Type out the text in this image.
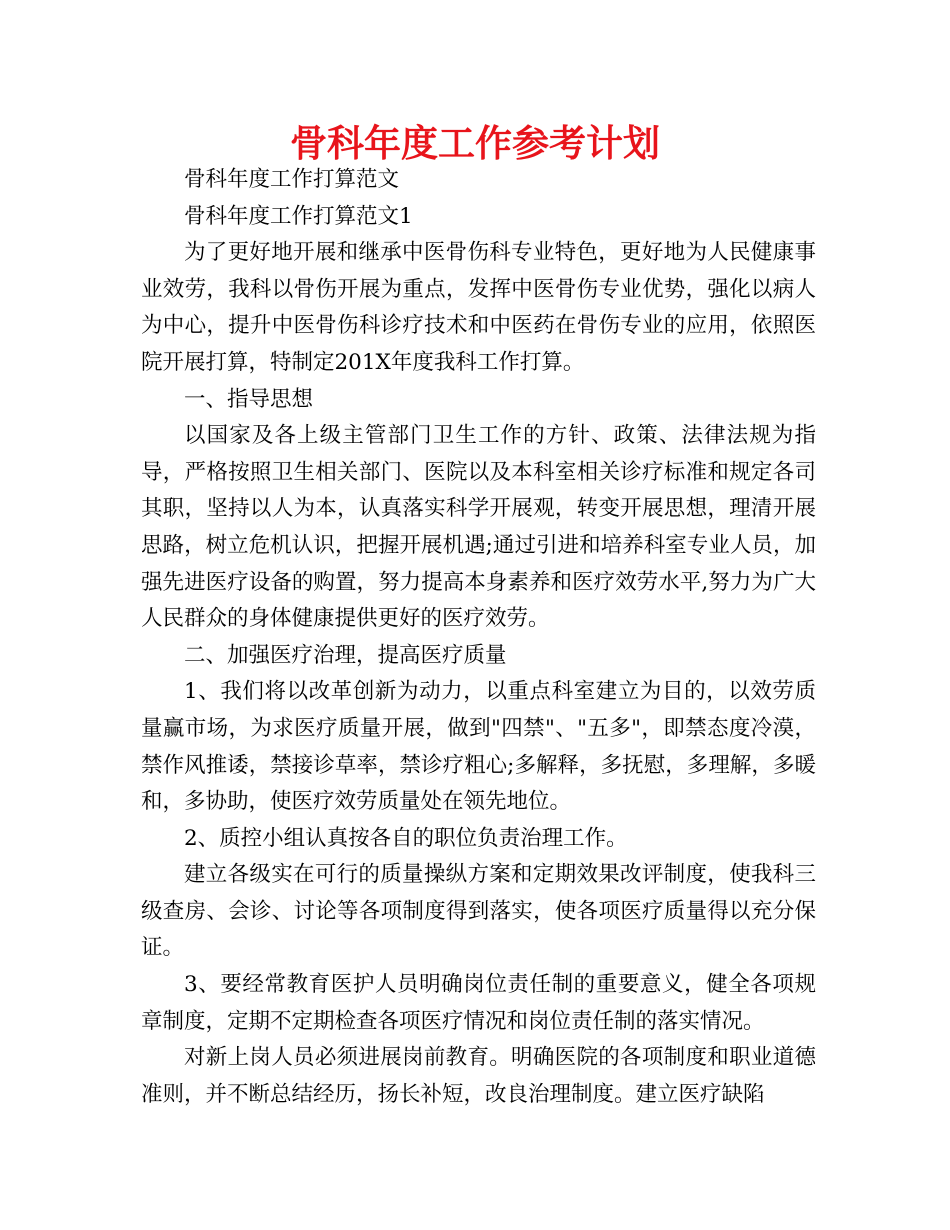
骨科年度工作参考计划

骨科年度工作打算范文

骨科年度工作打算范文1

为了更好地开展和继承中医骨伤科专业特色，更好地为人民健康事业效劳，我科以骨伤开展为重点，发挥中医骨伤专业优势，强化以病人为中心，提升中医骨伤科诊疗技术和中医药在骨伤专业的应用，依照医院开展打算，特制定201X年度我科工作打算。

一、指导思想

以国家及各上级主管部门卫生工作的方针、政策、法律法规为指导，严格按照卫生相关部门、医院以及本科室相关诊疗标准和规定各司其职，坚持以人为本，认真落实科学开展观，转变开展思想，理清开展思路，树立危机认识，把握开展机遇;通过引进和培养科室专业人员，加强先进医疗设备的购置，努力提高本身素养和医疗效劳水平,努力为广大人民群众的身体健康提供更好的医疗效劳。

二、加强医疗治理，提高医疗质量

1、我们将以改革创新为动力，以重点科室建立为目的，以效劳质量赢市场，为求医疗质量开展，做到"四禁"、"五多"，即禁态度冷漠，禁作风推诿，禁接诊草率，禁诊疗粗心;多解释，多抚慰，多理解，多暖和，多协助，使医疗效劳质量处在领先地位。

2、质控小组认真按各自的职位负责治理工作。

建立各级实在可行的质量操纵方案和定期效果改评制度，使我科三级查房、会诊、讨论等各项制度得到落实，使各项医疗质量得以充分保证。

3、要经常教育医护人员明确岗位责任制的重要意义，健全各项规章制度，定期不定期检查各项医疗情况和岗位责任制的落实情况。

对新上岗人员必须进展岗前教育。明确医院的各项制度和职业道德准则，并不断总结经历，扬长补短，改良治理制度。建立医疗缺陷
